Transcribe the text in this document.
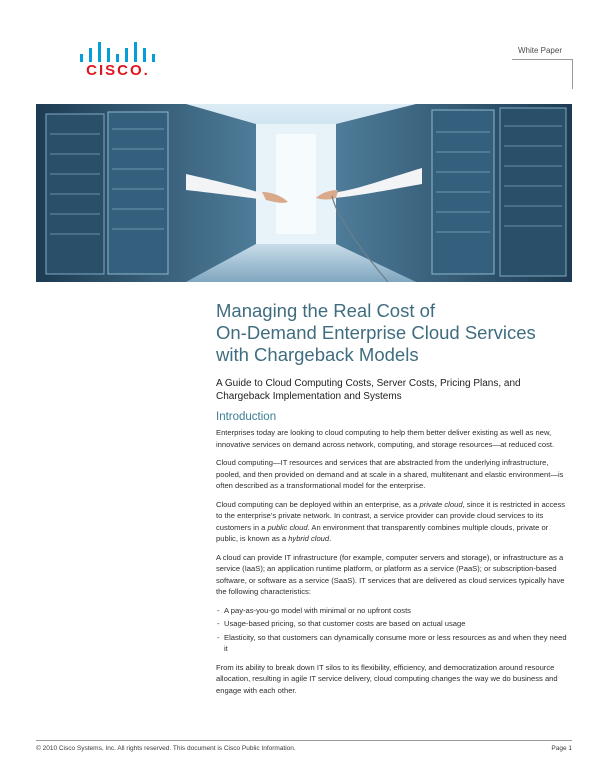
CISCO.
White Paper
Managing the Real Cost of
On-Demand Enterprise Cloud Services
with Chargeback Models
A Guide to Cloud Computing Costs, Server Costs, Pricing Plans, and
Chargeback Implementation and Systems
Introduction

Enterprises today are looking to cloud computing to help them better deliver existing as well as new, innovative services on demand across network, computing, and storage resources—at reduced cost.

Cloud computing—IT resources and services that are abstracted from the underlying infrastructure, pooled, and then provided on demand and at scale in a shared, multitenant and elastic environment—is often described as a transformational model for the enterprise.

Cloud computing can be deployed within an enterprise, as a private cloud, since it is restricted in access to the enterprise's private network. In contrast, a service provider can provide cloud services to its customers in a public cloud. An environment that transparently combines multiple clouds, private or public, is known as a hybrid cloud.

A cloud can provide IT infrastructure (for example, computer servers and storage), or infrastructure as a service (IaaS); an application runtime platform, or platform as a service (PaaS); or subscription-based software, or software as a service (SaaS). IT services that are delivered as cloud services typically have the following characteristics:

- A pay-as-you-go model with minimal or no upfront costs
- Usage-based pricing, so that customer costs are based on actual usage
- Elasticity, so that customers can dynamically consume more or less resources as and when they need it

From its ability to break down IT silos to its flexibility, efficiency, and democratization around resource allocation, resulting in agile IT service delivery, cloud computing changes the way we do business and engage with each other.

© 2010 Cisco Systems, Inc. All rights reserved. This document is Cisco Public Information.	Page 1
